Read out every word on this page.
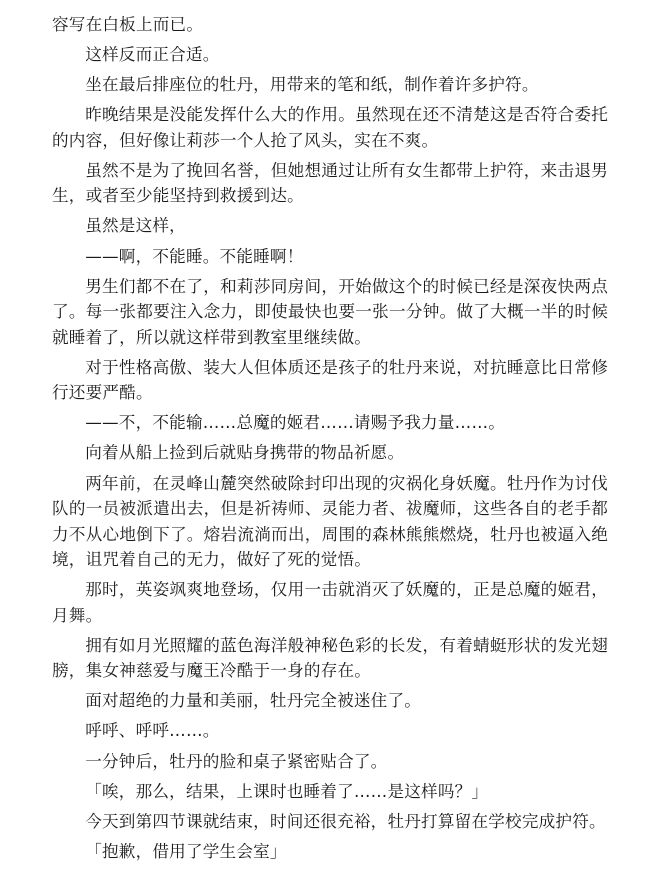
容写在白板上而已。

这样反而正合适。

坐在最后排座位的牡丹，用带来的笔和纸，制作着许多护符。

昨晚结果是没能发挥什么大的作用。虽然现在还不清楚这是否符合委托的内容，但好像让莉莎一个人抢了风头，实在不爽。

虽然不是为了挽回名誉，但她想通过让所有女生都带上护符，来击退男生，或者至少能坚持到救援到达。

虽然是这样，

——啊，不能睡。不能睡啊！

男生们都不在了，和莉莎同房间，开始做这个的时候已经是深夜快两点了。每一张都要注入念力，即使最快也要一张一分钟。做了大概一半的时候就睡着了，所以就这样带到教室里继续做。

对于性格高傲、装大人但体质还是孩子的牡丹来说，对抗睡意比日常修行还要严酷。

——不，不能输……总魔的姬君……请赐予我力量……。

向着从船上捡到后就贴身携带的物品祈愿。

两年前，在灵峰山麓突然破除封印出现的灾祸化身妖魔。牡丹作为讨伐队的一员被派遣出去，但是祈祷师、灵能力者、祓魔师，这些各自的老手都力不从心地倒下了。熔岩流淌而出，周围的森林熊熊燃烧，牡丹也被逼入绝境，诅咒着自己的无力，做好了死的觉悟。

那时，英姿飒爽地登场，仅用一击就消灭了妖魔的，正是总魔的姬君，月舞。

拥有如月光照耀的蓝色海洋般神秘色彩的长发，有着蜻蜓形状的发光翅膀，集女神慈爱与魔王冷酷于一身的存在。

面对超绝的力量和美丽，牡丹完全被迷住了。

呼呼、呼呼……。

一分钟后，牡丹的脸和桌子紧密贴合了。

「唉，那么，结果，上课时也睡着了……是这样吗？」

今天到第四节课就结束，时间还很充裕，牡丹打算留在学校完成护符。

「抱歉，借用了学生会室」
